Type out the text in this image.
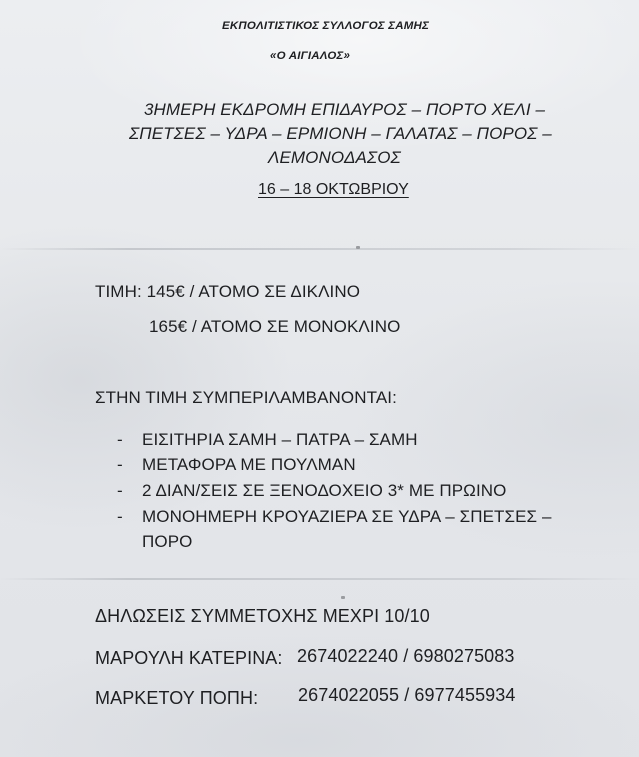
ΕΚΠΟΛΙΤΙΣΤΙΚΟΣ ΣΥΛΛΟΓΟΣ ΣΑΜΗΣ
«Ο ΑΙΓΙΑΛΟΣ»
3ΗΜΕΡΗ ΕΚΔΡΟΜΗ ΕΠΙΔΑΥΡΟΣ – ΠΟΡΤΟ ΧΕΛΙ –
ΣΠΕΤΣΕΣ – ΥΔΡΑ – ΕΡΜΙΟΝΗ – ΓΑΛΑΤΑΣ – ΠΟΡΟΣ –
ΛΕΜΟΝΟΔΑΣΟΣ
16 – 18 ΟΚΤΩΒΡΙΟΥ
ΤΙΜΗ: 145€ / ΑΤΟΜΟ ΣΕ ΔΙΚΛΙΝΟ
165€ / ΑΤΟΜΟ ΣΕ ΜΟΝΟΚΛΙΝΟ
ΣΤΗΝ ΤΙΜΗ ΣΥΜΠΕΡΙΛΑΜΒΑΝΟΝΤΑΙ:
- ΕΙΣΙΤΗΡΙΑ ΣΑΜΗ – ΠΑΤΡΑ – ΣΑΜΗ
- ΜΕΤΑΦΟΡΑ ΜΕ ΠΟΥΛΜΑΝ
- 2 ΔΙΑΝ/ΣΕΙΣ ΣΕ ΞΕΝΟΔΟΧΕΙΟ 3* ΜΕ ΠΡΩΙΝΟ
- ΜΟΝΟΗΜΕΡΗ ΚΡΟΥΑΖΙΕΡΑ ΣΕ ΥΔΡΑ – ΣΠΕΤΣΕΣ –
ΠΟΡΟ
ΔΗΛΩΣΕΙΣ ΣΥΜΜΕΤΟΧΗΣ ΜΕΧΡΙ 10/10
ΜΑΡΟΥΛΗ ΚΑΤΕΡΙΝΑ: 2674022240 / 6980275083
ΜΑΡΚΕΤΟΥ ΠΟΠΗ: 2674022055 / 6977455934
